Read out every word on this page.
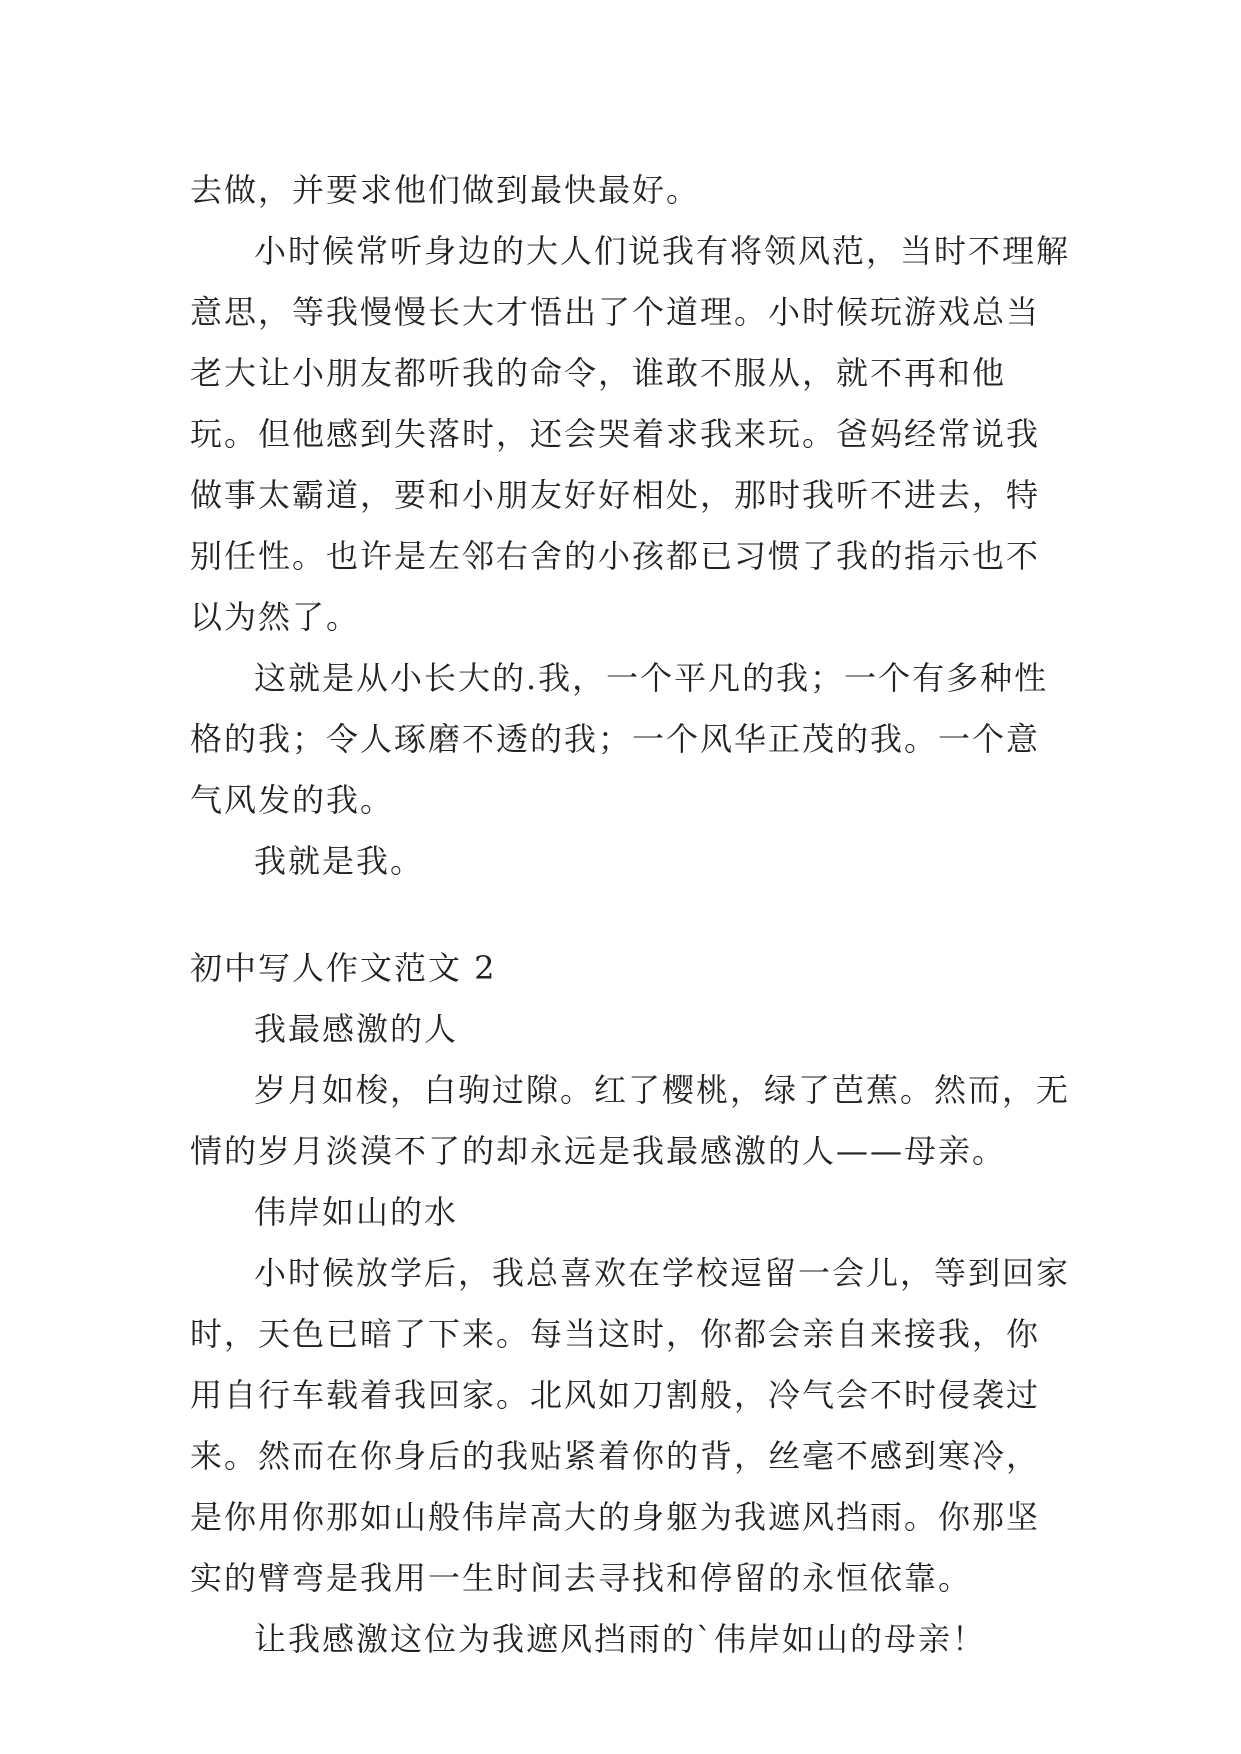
去做，并要求他们做到最快最好。

小时候常听身边的大人们说我有将领风范，当时不理解意思，等我慢慢长大才悟出了个道理。小时候玩游戏总当老大让小朋友都听我的命令，谁敢不服从，就不再和他玩。但他感到失落时，还会哭着求我来玩。爸妈经常说我做事太霸道，要和小朋友好好相处，那时我听不进去，特别任性。也许是左邻右舍的小孩都已习惯了我的指示也不以为然了。

这就是从小长大的.我，一个平凡的我；一个有多种性格的我；令人琢磨不透的我；一个风华正茂的我。一个意气风发的我。

我就是我。

初中写人作文范文 2

我最感激的人

岁月如梭，白驹过隙。红了樱桃，绿了芭蕉。然而，无情的岁月淡漠不了的却永远是我最感激的人——母亲。

伟岸如山的水

小时候放学后，我总喜欢在学校逗留一会儿，等到回家时，天色已暗了下来。每当这时，你都会亲自来接我，你用自行车载着我回家。北风如刀割般，冷气会不时侵袭过来。然而在你身后的我贴紧着你的背，丝毫不感到寒冷，是你用你那如山般伟岸高大的身躯为我遮风挡雨。你那坚实的臂弯是我用一生时间去寻找和停留的永恒依靠。

让我感激这位为我遮风挡雨的`伟岸如山的母亲！
